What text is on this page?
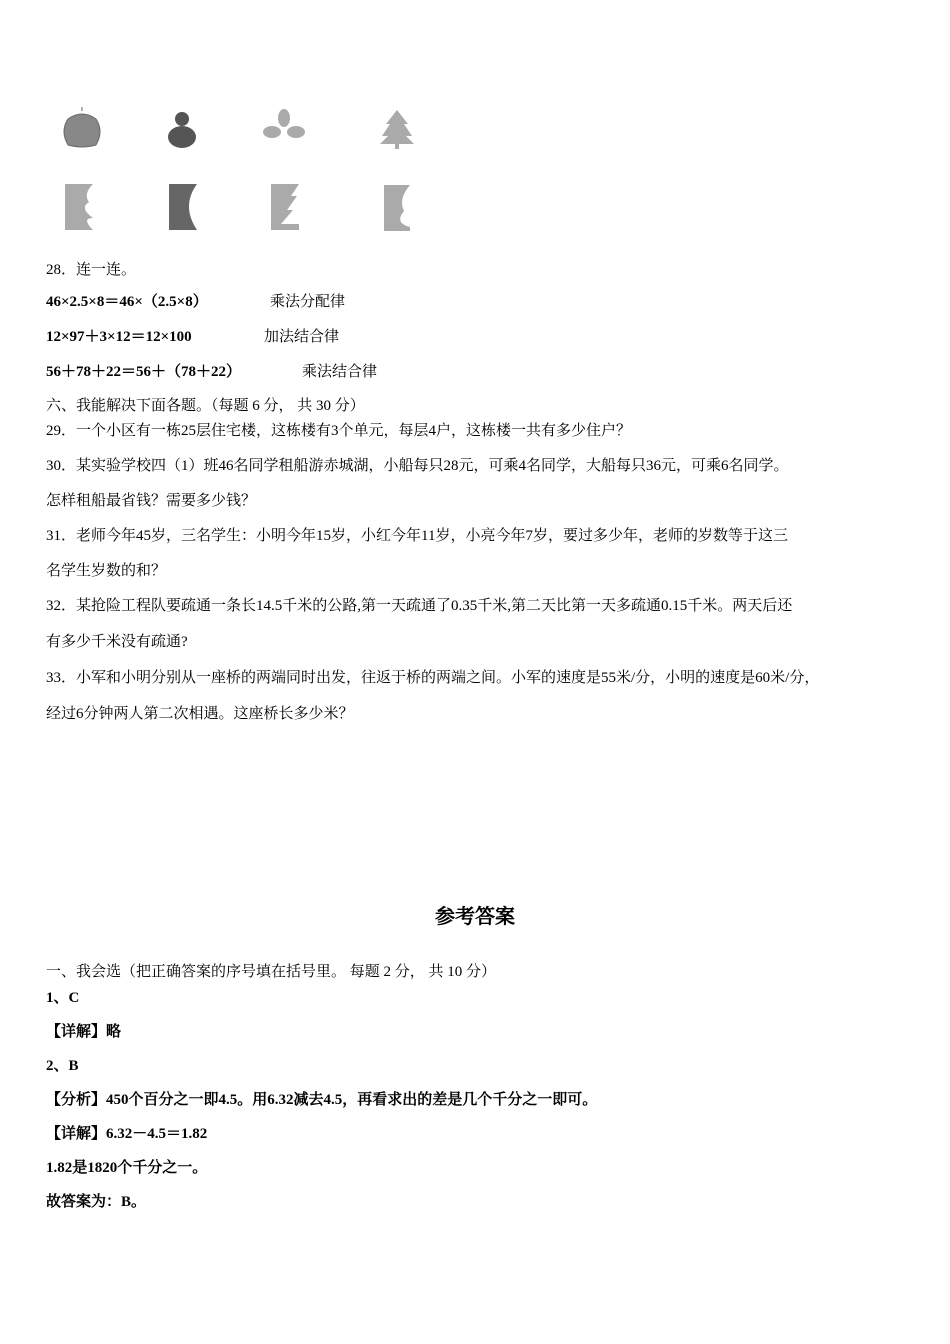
28．连一连。
46×2.5×8＝46×（2.5×8）	乘法分配律
12×97＋3×12＝12×100	加法结合律
56＋78＋22＝56＋（78＋22）	乘法结合律
六、我能解决下面各题。（每题 6 分， 共 30 分）
29．一个小区有一栋25层住宅楼，这栋楼有3个单元，每层4户，这栋楼一共有多少住户？
30．某实验学校四（1）班46名同学租船游赤城湖，小船每只28元，可乘4名同学，大船每只36元，可乘6名同学。
怎样租船最省钱？需要多少钱？
31．老师今年45岁，三名学生：小明今年15岁，小红今年11岁，小亮今年7岁，要过多少年，老师的岁数等于这三
名学生岁数的和？
32．某抢险工程队要疏通一条长14.5千米的公路,第一天疏通了0.35千米,第二天比第一天多疏通0.15千米。两天后还
有多少千米没有疏通?
33．小军和小明分别从一座桥的两端同时出发，往返于桥的两端之间。小军的速度是55米/分，小明的速度是60米/分，
经过6分钟两人第二次相遇。这座桥长多少米？
参考答案
一、我会选（把正确答案的序号填在括号里。 每题 2 分， 共 10 分）
1、C
【详解】略
2、B
【分析】450个百分之一即4.5。用6.32减去4.5，再看求出的差是几个千分之一即可。
【详解】6.32－4.5＝1.82
1.82是1820个千分之一。
故答案为：B。
